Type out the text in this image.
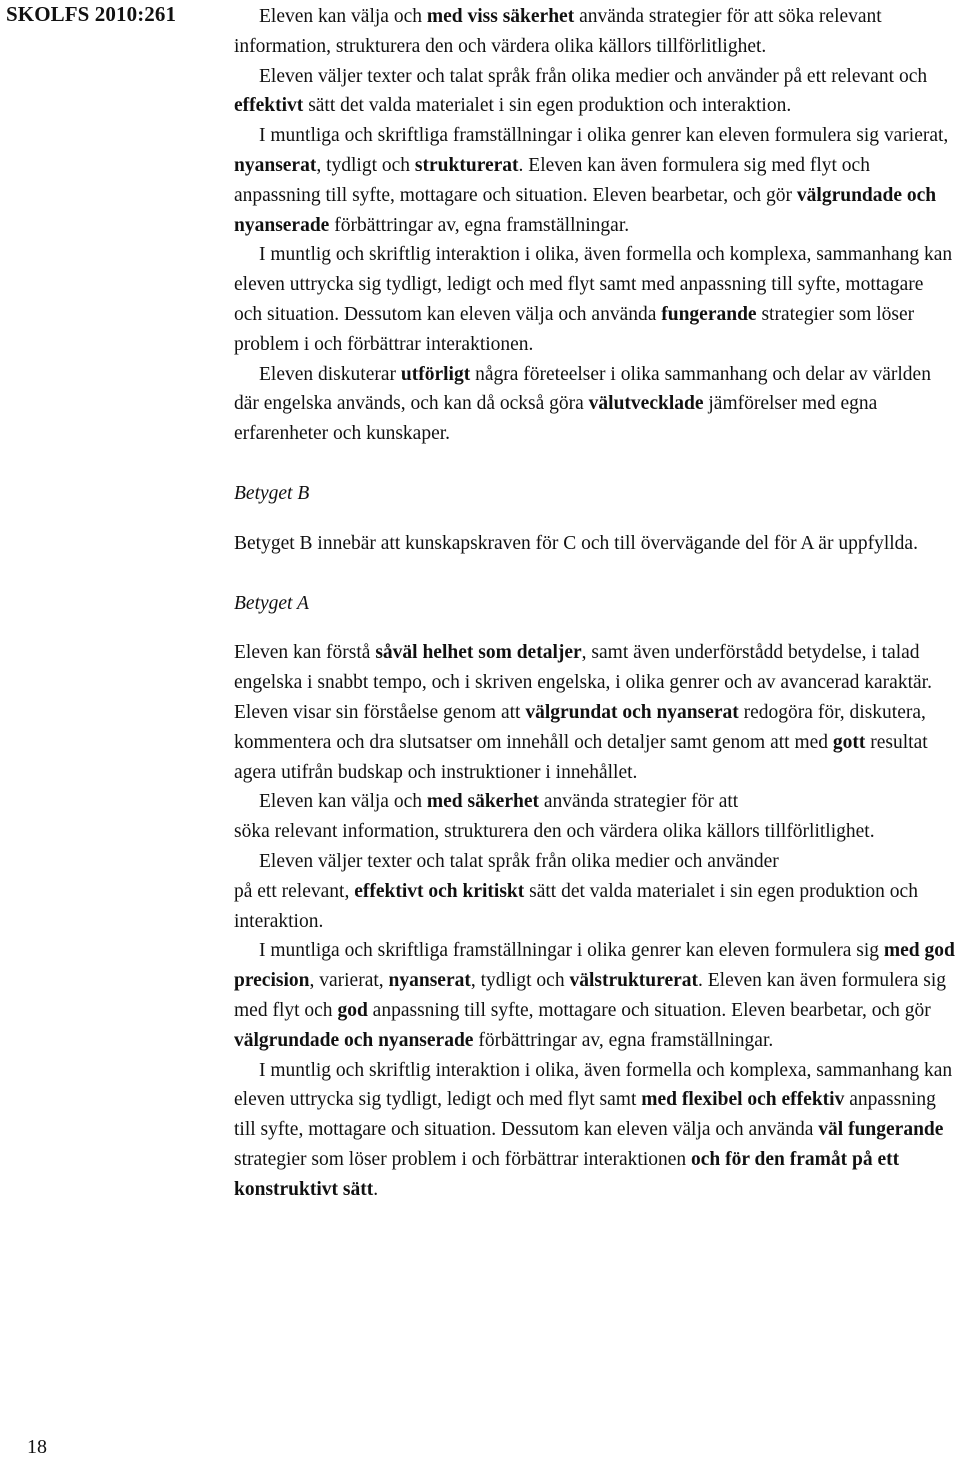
SKOLFS 2010:261
18

Eleven kan välja och med viss säkerhet använda strategier för att söka relevant information, strukturera den och värdera olika källors tillförlitlighet.

Eleven väljer texter och talat språk från olika medier och använder på ett relevant och effektivt sätt det valda materialet i sin egen produktion och interaktion.

I muntliga och skriftliga framställningar i olika genrer kan eleven formulera sig varierat, nyanserat, tydligt och strukturerat. Eleven kan även formulera sig med flyt och anpassning till syfte, mottagare och situation. Eleven bearbetar, och gör välgrundade och nyanserade förbättringar av, egna framställningar.

I muntlig och skriftlig interaktion i olika, även formella och komplexa, sammanhang kan eleven uttrycka sig tydligt, ledigt och med flyt samt med anpassning till syfte, mottagare och situation. Dessutom kan eleven välja och använda fungerande strategier som löser problem i och förbättrar interaktionen.

Eleven diskuterar utförligt några företeelser i olika sammanhang och delar av världen där engelska används, och kan då också göra välutvecklade jämförelser med egna erfarenheter och kunskaper.

Betyget B

Betyget B innebär att kunskapskraven för C och till övervägande del för A är uppfyllda.

Betyget A

Eleven kan förstå såväl helhet som detaljer, samt även underförstådd betydelse, i talad engelska i snabbt tempo, och i skriven engelska, i olika genrer och av avancerad karaktär. Eleven visar sin förståelse genom att välgrundat och nyanserat redogöra för, diskutera, kommentera och dra slutsatser om innehåll och detaljer samt genom att med gott resultat agera utifrån budskap och instruktioner i innehållet.

Eleven kan välja och med säkerhet använda strategier för att
söka relevant information, strukturera den och värdera olika källors tillförlitlighet.

Eleven väljer texter och talat språk från olika medier och använder
på ett relevant, effektivt och kritiskt sätt det valda materialet i sin egen produktion och interaktion.

I muntliga och skriftliga framställningar i olika genrer kan eleven formulera sig med god precision, varierat, nyanserat, tydligt och välstrukturerat. Eleven kan även formulera sig med flyt och god anpassning till syfte, mottagare och situation. Eleven bearbetar, och gör välgrundade och nyanserade förbättringar av, egna framställningar.

I muntlig och skriftlig interaktion i olika, även formella och komplexa, sammanhang kan eleven uttrycka sig tydligt, ledigt och med flyt samt med flexibel och effektiv anpassning till syfte, mottagare och situation. Dessutom kan eleven välja och använda väl fungerande strategier som löser problem i och förbättrar interaktionen och för den framåt på ett konstruktivt sätt.
